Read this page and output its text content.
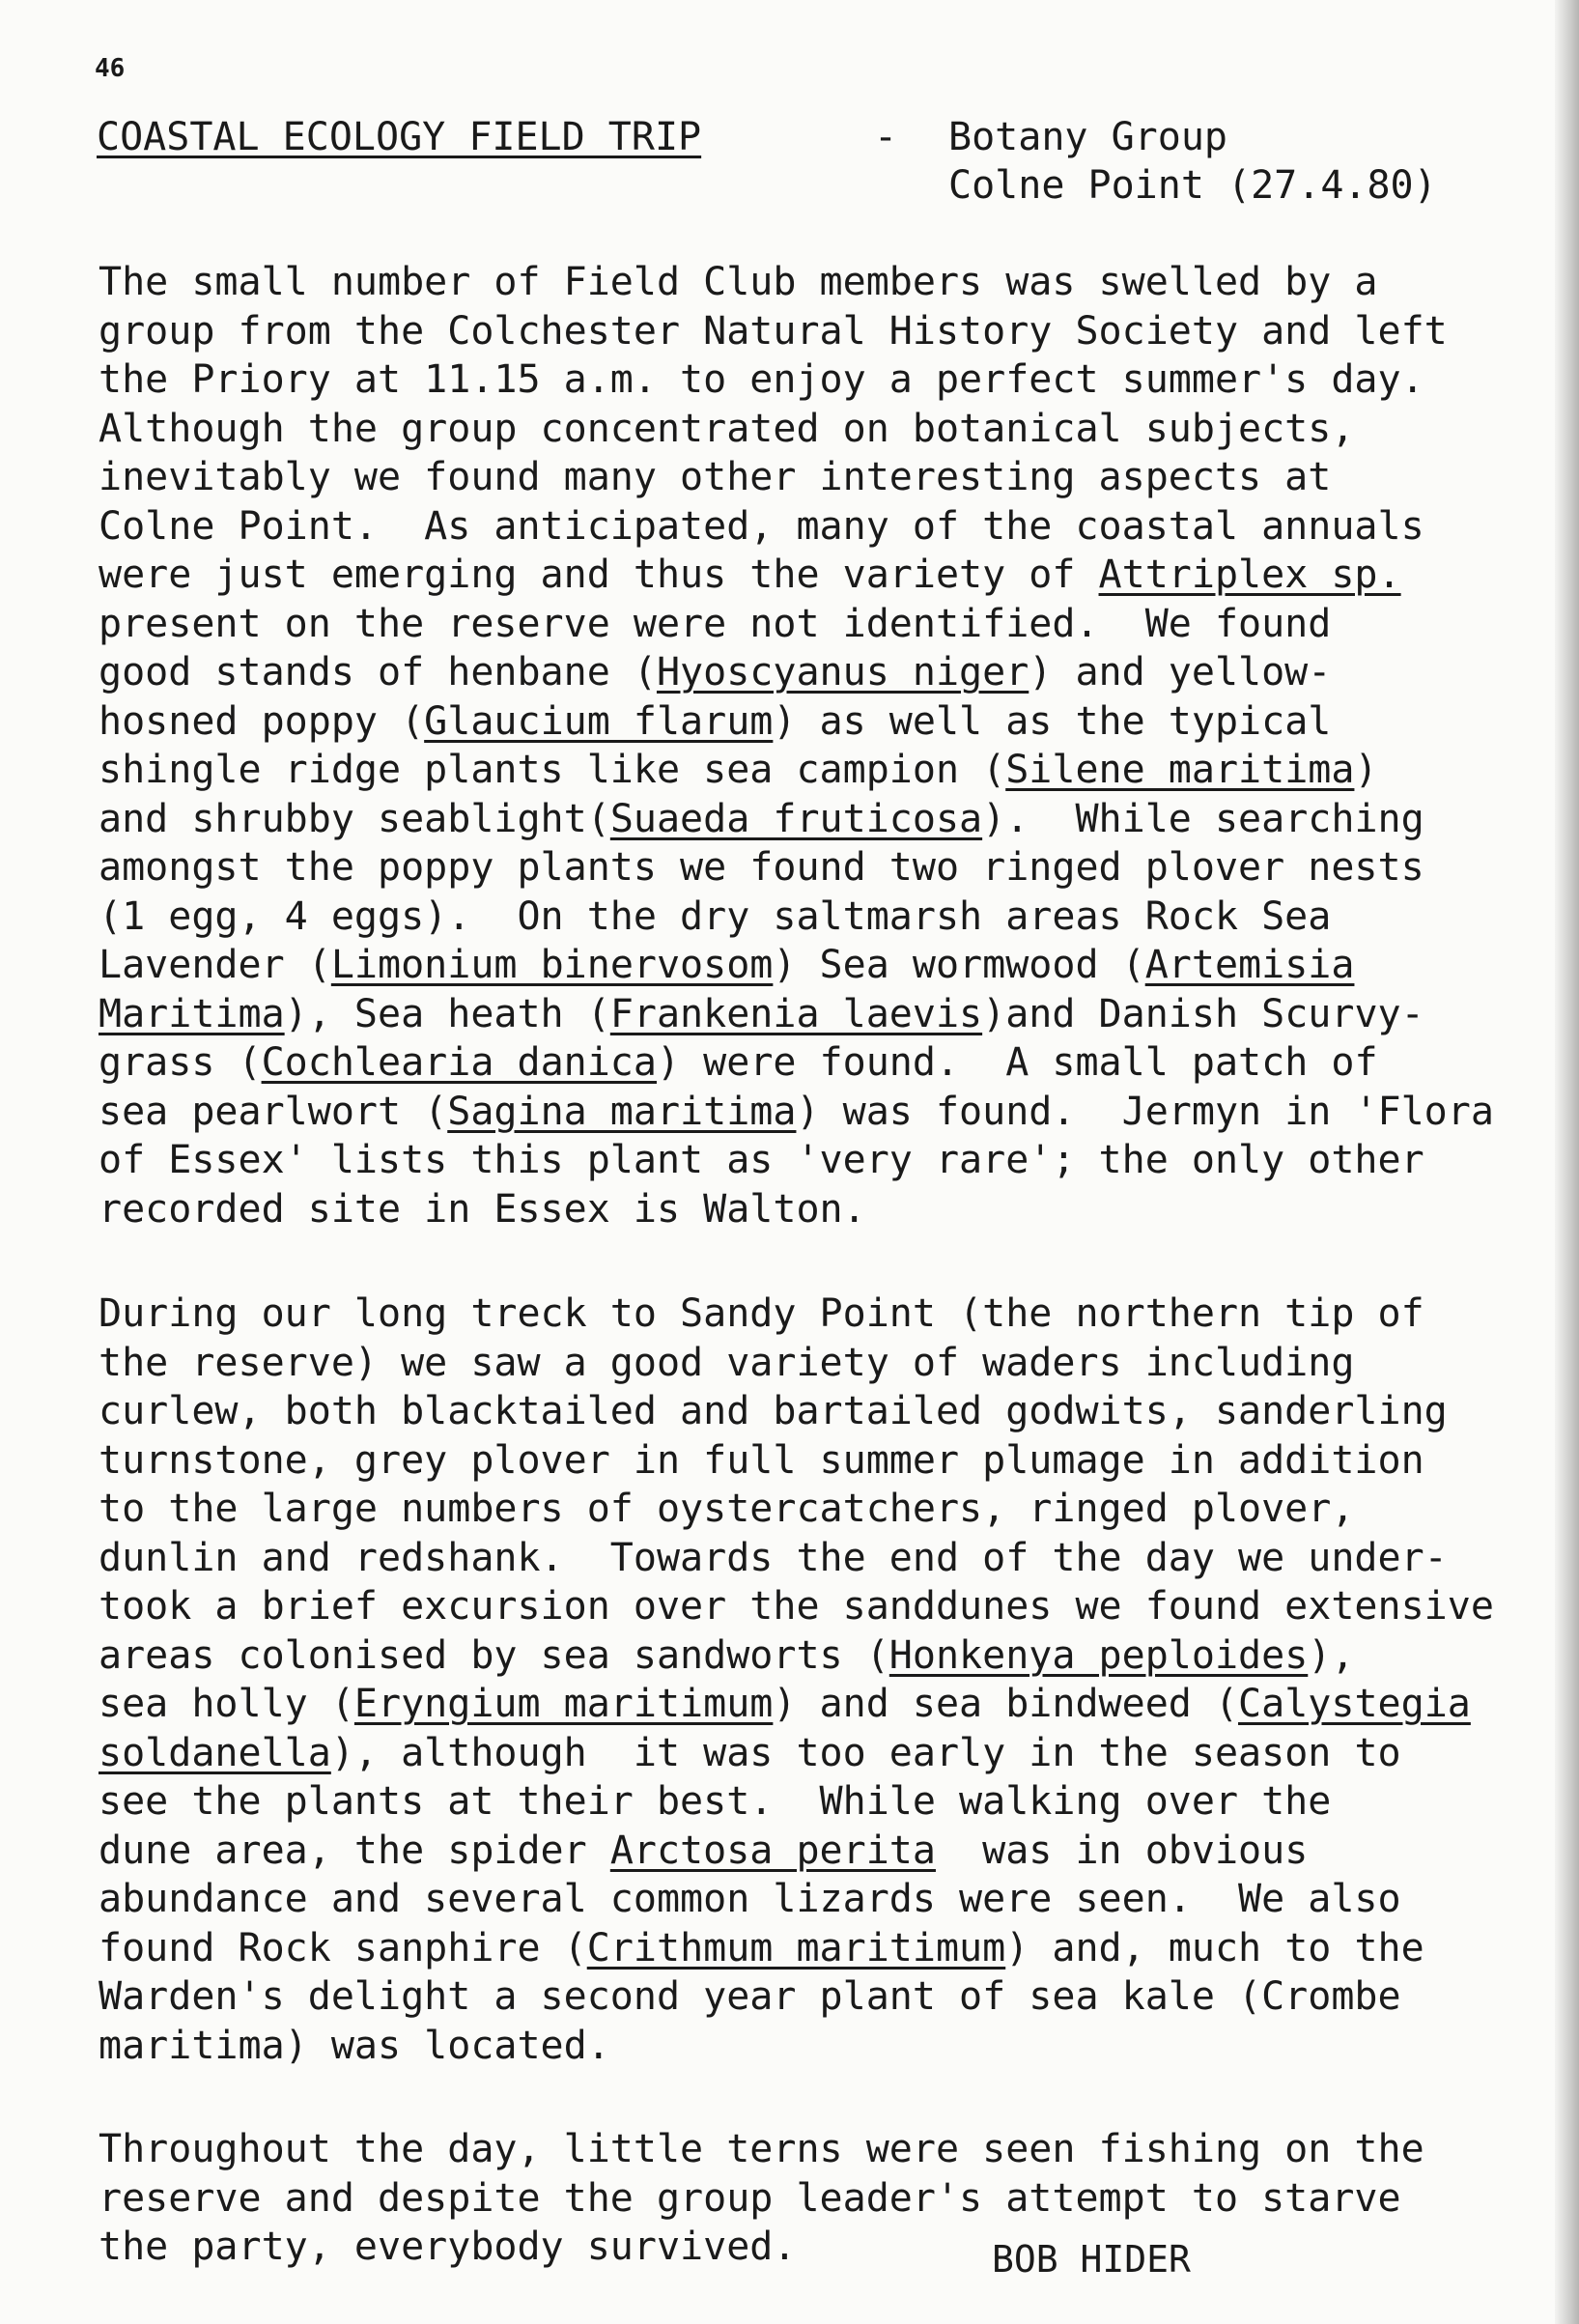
46
COASTAL ECOLOGY FIELD TRIP	- Botany Group
Colne Point (27.4.80)
The small number of Field Club members was swelled by a
group from the Colchester Natural History Society and left
the Priory at 11.15 a.m. to enjoy a perfect summer's day.
Although the group concentrated on botanical subjects,
inevitably we found many other interesting aspects at
Colne Point.  As anticipated, many of the coastal annuals
were just emerging and thus the variety of Attriplex sp.
present on the reserve were not identified.  We found
good stands of henbane (Hyoscyanus niger) and yellow-
hosned poppy (Glaucium flarum) as well as the typical
shingle ridge plants like sea campion (Silene maritima)
and shrubby seablight(Suaeda fruticosa).  While searching
amongst the poppy plants we found two ringed plover nests
(1 egg, 4 eggs).  On the dry saltmarsh areas Rock Sea
Lavender (Limonium binervosom) Sea wormwood (Artemisia
Maritima), Sea heath (Frankenia laevis)and Danish Scurvy-
grass (Cochlearia danica) were found.  A small patch of
sea pearlwort (Sagina maritima) was found.  Jermyn in 'Flora
of Essex' lists this plant as 'very rare'; the only other
recorded site in Essex is Walton.
During our long treck to Sandy Point (the northern tip of
the reserve) we saw a good variety of waders including
curlew, both blacktailed and bartailed godwits, sanderling
turnstone, grey plover in full summer plumage in addition
to the large numbers of oystercatchers, ringed plover,
dunlin and redshank.  Towards the end of the day we under-
took a brief excursion over the sanddunes we found extensive
areas colonised by sea sandworts (Honkenya peploides),
sea holly (Eryngium maritimum) and sea bindweed (Calystegia
soldanella), although  it was too early in the season to
see the plants at their best.  While walking over the
dune area, the spider Arctosa perita  was in obvious
abundance and several common lizards were seen.  We also
found Rock sanphire (Crithmum maritimum) and, much to the
Warden's delight a second year plant of sea kale (Crombe
maritima) was located.
Throughout the day, little terns were seen fishing on the
reserve and despite the group leader's attempt to starve
the party, everybody survived.	BOB HIDER
